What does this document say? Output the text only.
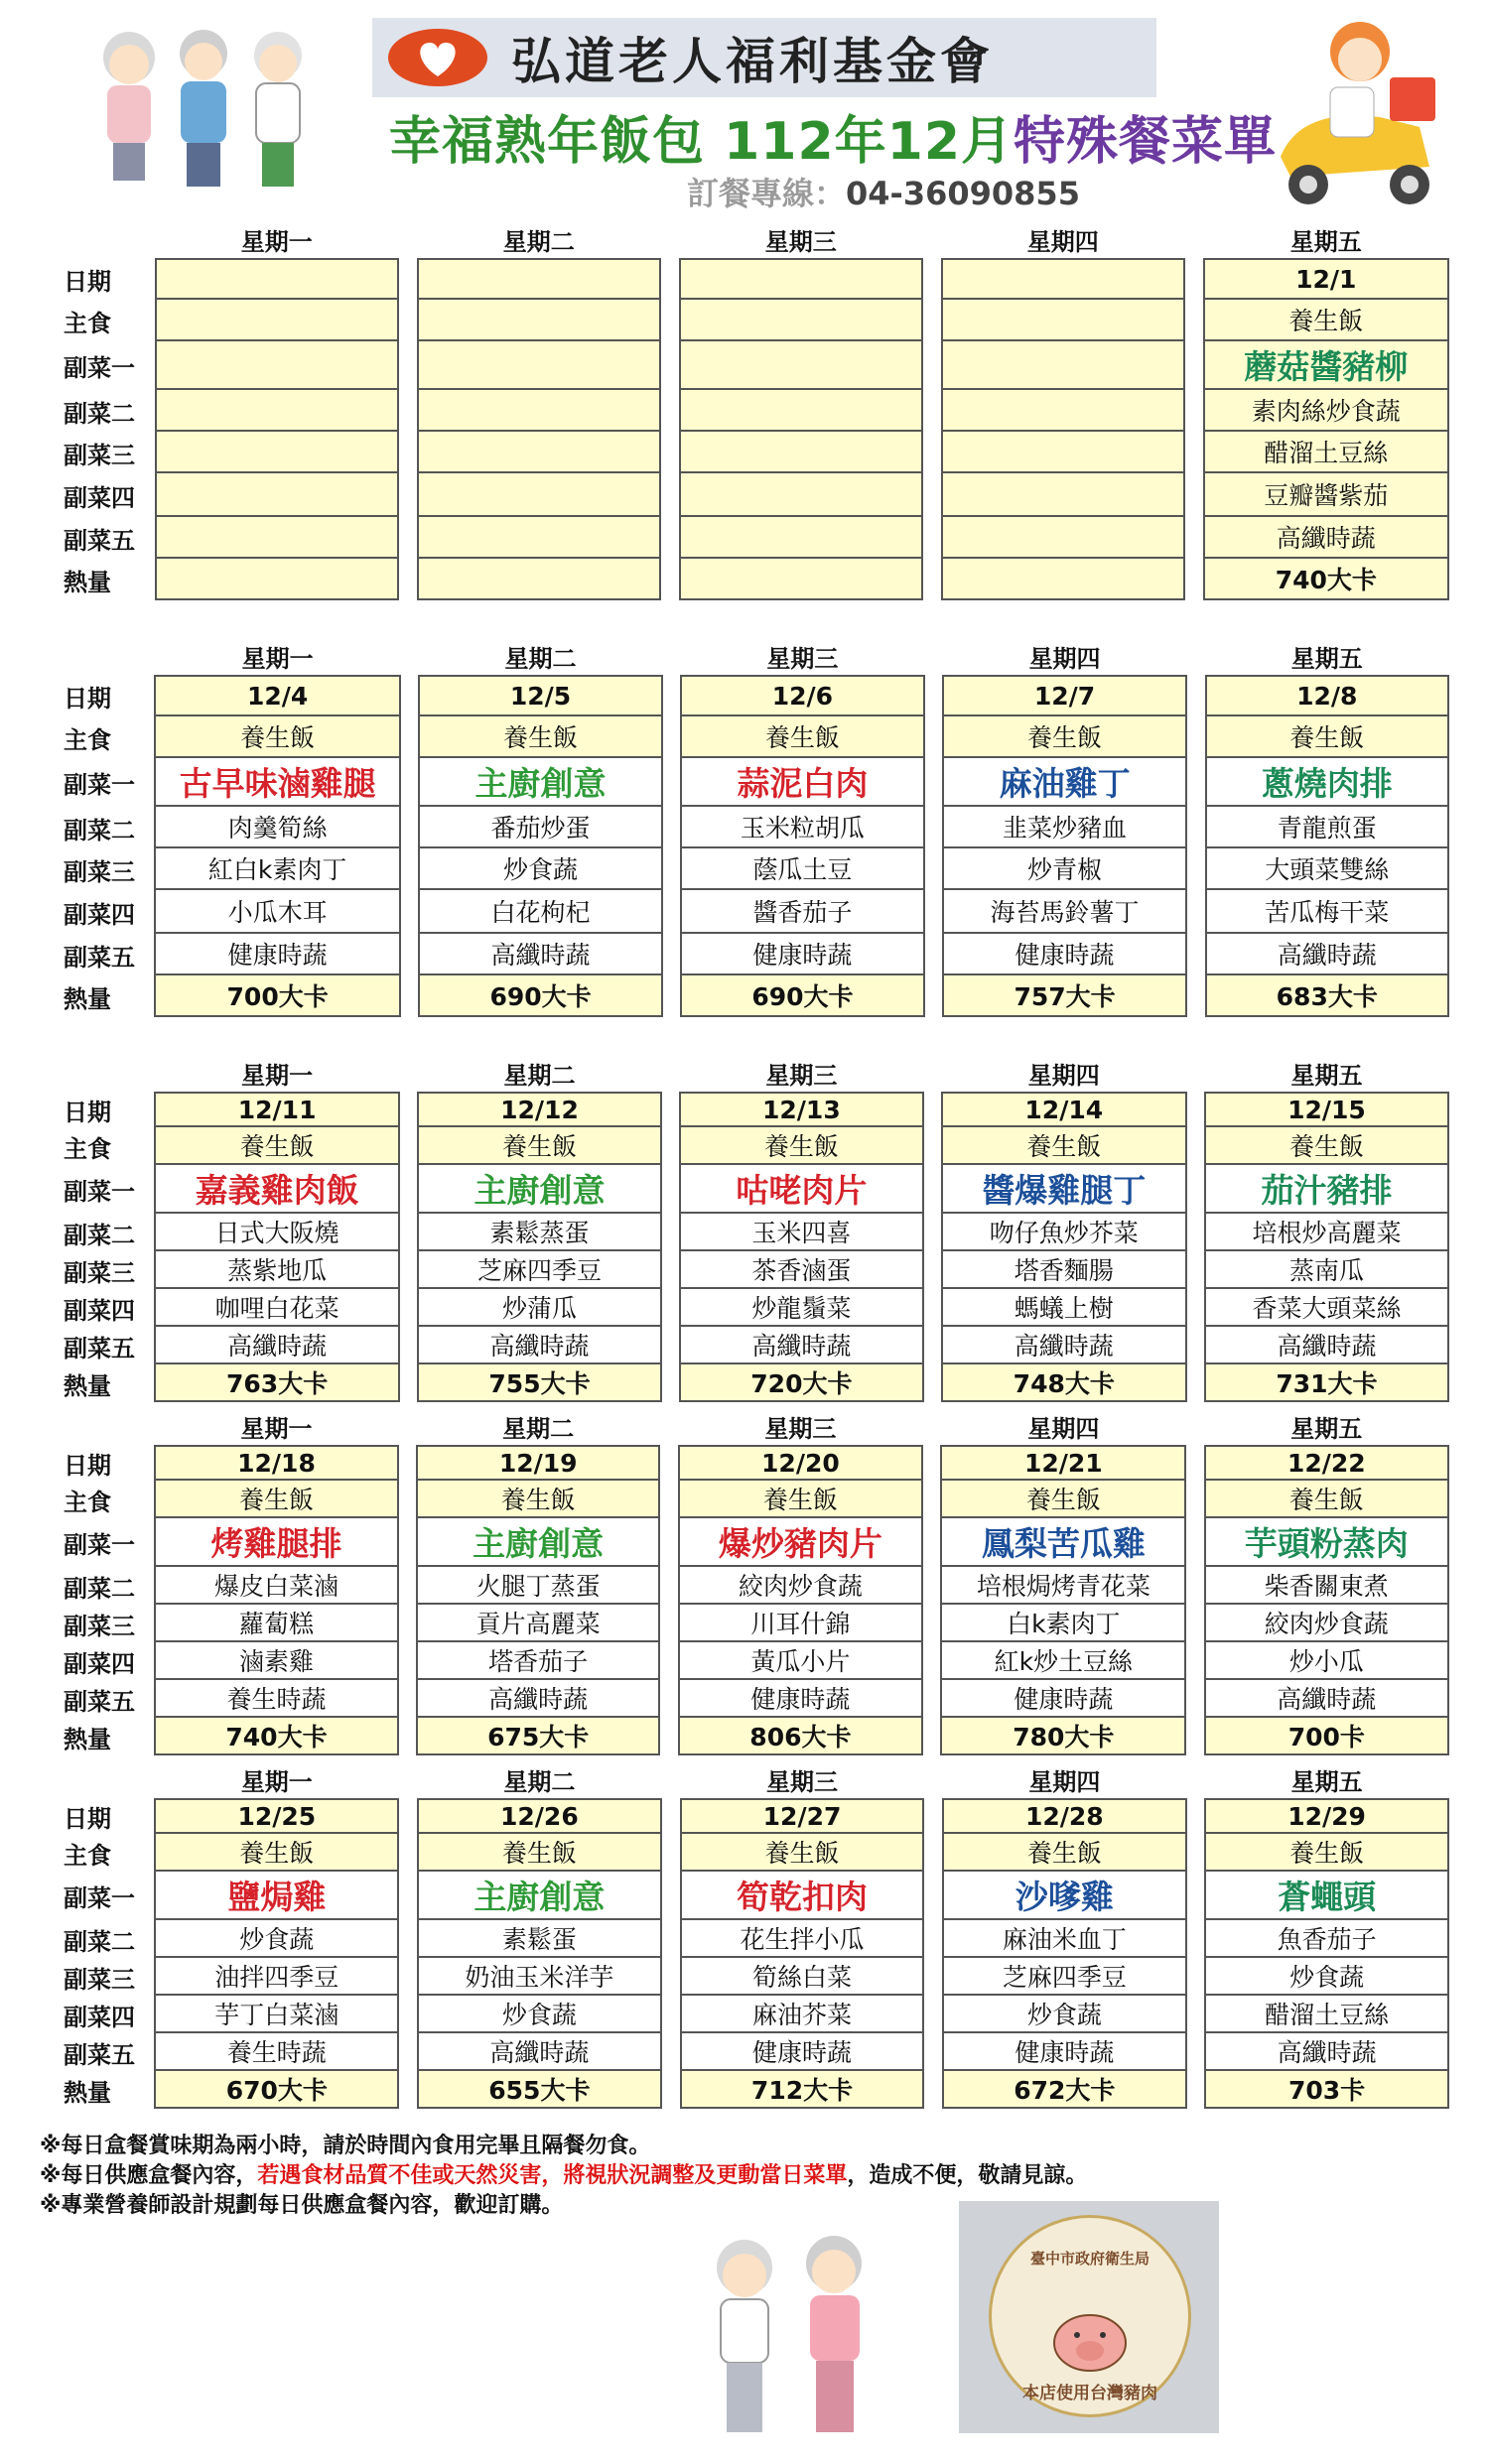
弘道老人福利基金會
幸福熟年飯包 112年12月特殊餐菜單
訂餐專線：04-36090855
	星期一		星期二		星期三		星期四		星期五
日期									12/1
主食									養生飯
副菜一									蘑菇醬豬柳
副菜二									素肉絲炒食蔬
副菜三									醋溜土豆絲
副菜四									豆瓣醬紫茄
副菜五									高纖時蔬
熱量									740大卡
	星期一		星期二		星期三		星期四		星期五
日期	12/4		12/5		12/6		12/7		12/8
主食	養生飯		養生飯		養生飯		養生飯		養生飯
副菜一	古早味滷雞腿		主廚創意		蒜泥白肉		麻油雞丁		蔥燒肉排
副菜二	肉羹筍絲		番茄炒蛋		玉米粒胡瓜		韭菜炒豬血		青龍煎蛋
副菜三	紅白k素肉丁		炒食蔬		蔭瓜土豆		炒青椒		大頭菜雙絲
副菜四	小瓜木耳		白花枸杞		醬香茄子		海苔馬鈴薯丁		苦瓜梅干菜
副菜五	健康時蔬		高纖時蔬		健康時蔬		健康時蔬		高纖時蔬
熱量	700大卡		690大卡		690大卡		757大卡		683大卡
	星期一		星期二		星期三		星期四		星期五
日期	12/11		12/12		12/13		12/14		12/15
主食	養生飯		養生飯		養生飯		養生飯		養生飯
副菜一	嘉義雞肉飯		主廚創意		咕咾肉片		醬爆雞腿丁		茄汁豬排
副菜二	日式大阪燒		素鬆蒸蛋		玉米四喜		吻仔魚炒芥菜		培根炒高麗菜
副菜三	蒸紫地瓜		芝麻四季豆		茶香滷蛋		塔香麵腸		蒸南瓜
副菜四	咖哩白花菜		炒蒲瓜		炒龍鬚菜		螞蟻上樹		香菜大頭菜絲
副菜五	高纖時蔬		高纖時蔬		高纖時蔬		高纖時蔬		高纖時蔬
熱量	763大卡		755大卡		720大卡		748大卡		731大卡
	星期一		星期二		星期三		星期四		星期五
日期	12/18		12/19		12/20		12/21		12/22
主食	養生飯		養生飯		養生飯		養生飯		養生飯
副菜一	烤雞腿排		主廚創意		爆炒豬肉片		鳳梨苦瓜雞		芋頭粉蒸肉
副菜二	爆皮白菜滷		火腿丁蒸蛋		絞肉炒食蔬		培根焗烤青花菜		柴香關東煮
副菜三	蘿蔔糕		貢片高麗菜		川耳什錦		白k素肉丁		絞肉炒食蔬
副菜四	滷素雞		塔香茄子		黃瓜小片		紅k炒土豆絲		炒小瓜
副菜五	養生時蔬		高纖時蔬		健康時蔬		健康時蔬		高纖時蔬
熱量	740大卡		675大卡		806大卡		780大卡		700卡
	星期一		星期二		星期三		星期四		星期五
日期	12/25		12/26		12/27		12/28		12/29
主食	養生飯		養生飯		養生飯		養生飯		養生飯
副菜一	鹽焗雞		主廚創意		筍乾扣肉		沙嗲雞		蒼蠅頭
副菜二	炒食蔬		素鬆蛋		花生拌小瓜		麻油米血丁		魚香茄子
副菜三	油拌四季豆		奶油玉米洋芋		筍絲白菜		芝麻四季豆		炒食蔬
副菜四	芋丁白菜滷		炒食蔬		麻油芥菜		炒食蔬		醋溜土豆絲
副菜五	養生時蔬		高纖時蔬		健康時蔬		健康時蔬		高纖時蔬
熱量	670大卡		655大卡		712大卡		672大卡		703卡
※每日盒餐賞味期為兩小時，請於時間內食用完畢且隔餐勿食。
※每日供應盒餐內容，若遇食材品質不佳或天然災害，將視狀況調整及更動當日菜單，造成不便，敬請見諒。
※專業營養師設計規劃每日供應盒餐內容，歡迎訂購。
臺中市政府衛生局
本店使用台灣豬肉
